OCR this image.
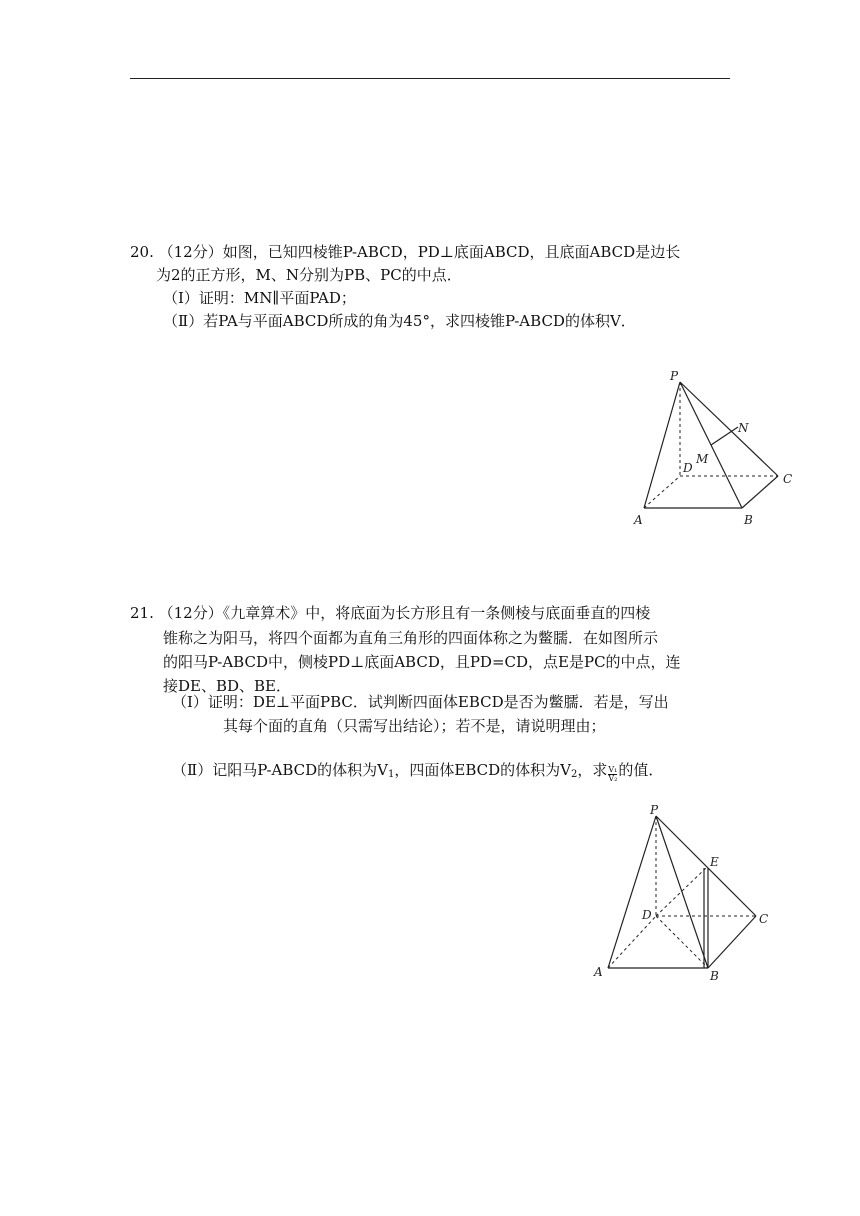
20. （12分）如图，已知四棱锥P-ABCD，PD⊥底面ABCD，且底面ABCD是边长
为2的正方形，M、N分别为PB、PC的中点．
（Ⅰ）证明：MN∥平面PAD；
（Ⅱ）若PA与平面ABCD所成的角为45°，求四棱锥P-ABCD的体积V．
P
N
M
D
C
A	B
21. （12分）《九章算术》中，将底面为长方形且有一条侧棱与底面垂直的四棱
锥称之为阳马，将四个面都为直角三角形的四面体称之为鳖臑．在如图所示
的阳马P-ABCD中，侧棱PD⊥底面ABCD，且PD=CD，点E是PC的中点，连
接DE、BD、BE．
（Ⅰ）证明：DE⊥平面PBC．试判断四面体EBCD是否为鳖臑．若是，写出
其每个面的直角（只需写出结论）；若不是，请说明理由；
（Ⅱ）记阳马P-ABCD的体积为$V_1$，四面体EBCD的体积为$V_2$，求 $\frac{\text{V₁}}{\text{V₂}}$ 的值．
P
E
D	C
A	B
